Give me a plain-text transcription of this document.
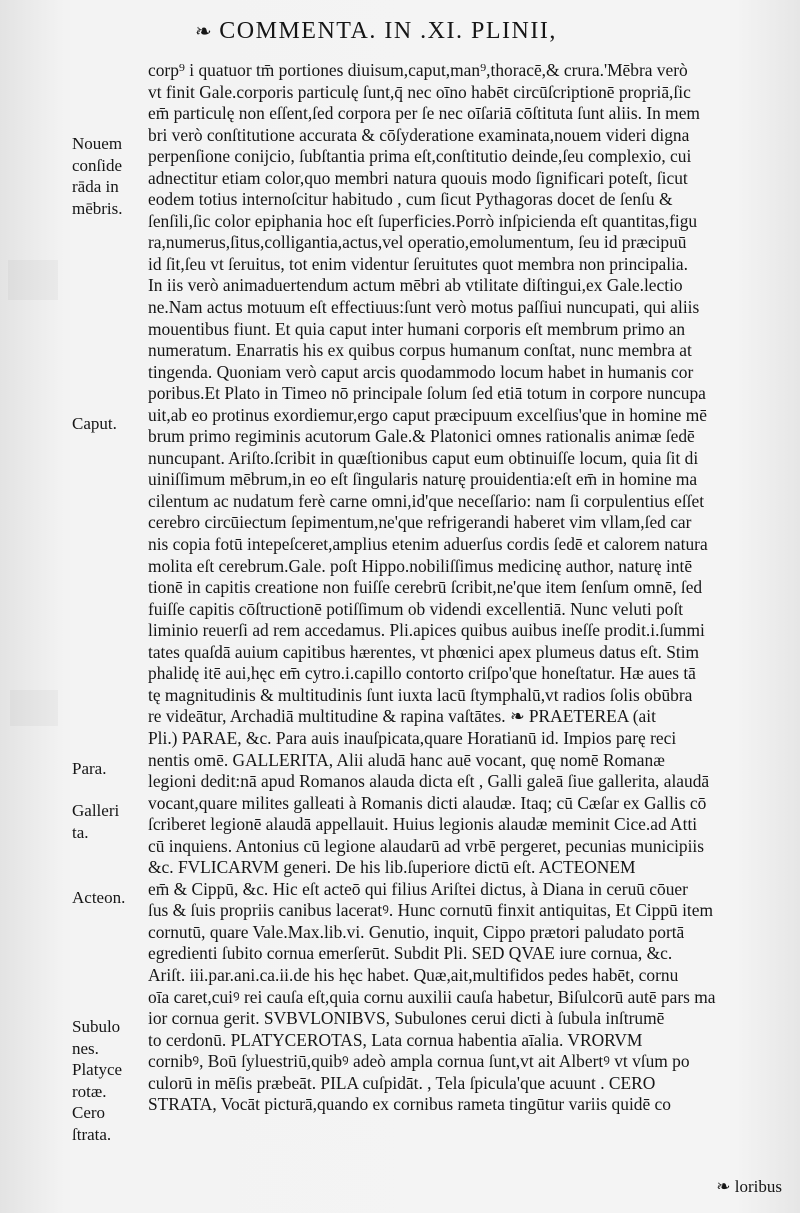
❧ COMMENTA. IN .XI. PLINII,
corp⁹ i quatuor tm̄ portiones diuisum,caput,man⁹,thoracē,& crura.'Mēbra verò
vt finit Gale.corporis particulę ſunt,q̄ nec oīno habēt circūſcriptionē propriā,ſic
em̄ particulę non eſſent,ſed corpora per ſe nec oīſariā cōſtituta ſunt aliis. In mem
bri verò conſtitutione accurata & cōſyderatione examinata,nouem videri digna
perpenſione conijcio, ſubſtantia prima eſt,conſtitutio deinde,ſeu complexio, cui
adnectitur etiam color,quo membri natura quouis modo ſignificari poteſt, ſicut
eodem totius internoſcitur habitudo , cum ſicut Pythagoras docet de ſenſu &
ſenſili,ſic color epiphania hoc eſt ſuperficies.Porrò inſpicienda eſt quantitas,figu
ra,numerus,ſitus,colligantia,actus,vel operatio,emolumentum, ſeu id præcipuū
id ſit,ſeu vt ſeruitus, tot enim videntur ſeruitutes quot membra non principalia.
In iis verò animaduertendum actum mēbri ab vtilitate diſtingui,ex Gale.lectio
ne.Nam actus motuum eſt effectiuus:ſunt verò motus paſſiui nuncupati, qui aliis
mouentibus fiunt. Et quia caput inter humani corporis eſt membrum primo an
numeratum. Enarratis his ex quibus corpus humanum conſtat, nunc membra at
tingenda. Quoniam verò caput arcis quodammodo locum habet in humanis cor
poribus.Et Plato in Timeo nō principale ſolum ſed etiā totum in corpore nuncupa
uit,ab eo protinus exordiemur,ergo caput præcipuum excelſius'que in homine mē
brum primo regiminis acutorum Gale.& Platonici omnes rationalis animæ ſedē
nuncupant. Ariſto.ſcribit in quæſtionibus caput eum obtinuiſſe locum, quia ſit di
uiniſſimum mēbrum,in eo eſt ſingularis naturę prouidentia:eſt em̄ in homine ma
cilentum ac nudatum ferè carne omni,id'que neceſſario: nam ſi corpulentius eſſet
cerebro circūiectum ſepimentum,ne'que refrigerandi haberet vim vllam,ſed car
nis copia fotū intepeſceret,amplius etenim aduerſus cordis ſedē et calorem natura
molita eſt cerebrum.Gale. poſt Hippo.nobiliſſimus medicinę author, naturę intē
tionē in capitis creatione non fuiſſe cerebrū ſcribit,ne'que item ſenſum omnē, ſed
fuiſſe capitis cōſtructionē potiſſimum ob videndi excellentiā. Nunc veluti poſt
liminio reuerſi ad rem accedamus. Pli.apices quibus auibus ineſſe prodit.i.ſummi
tates quaſdā auium capitibus hærentes, vt phœnici apex plumeus datus eſt. Stim
phalidę itē aui,hęc em̄ cytro.i.capillo contorto criſpo'que honeſtatur. Hæ aues tā
tę magnitudinis & multitudinis ſunt iuxta lacū ſtymphalū,vt radios ſolis obūbra
re videātur, Archadiā multitudine & rapina vaſtātes. ❧ PRAETEREA (ait
Pli.) PARAE, &c. Para auis inauſpicata,quare Horatianū id. Impios parę reci
nentis omē. GALLERITA, Alii aludā hanc auē vocant, quę nomē Romanæ
legioni dedit:nā apud Romanos alauda dicta eſt , Galli galeā ſiue gallerita, alaudā
vocant,quare milites galleati à Romanis dicti alaudæ. Itaq; cū Cæſar ex Gallis cō
ſcriberet legionē alaudā appellauit. Huius legionis alaudæ meminit Cice.ad Atti
cū inquiens. Antonius cū legione alaudarū ad vrbē pergeret, pecunias municipiis
&c. FVLICARVM generi. De his lib.ſuperiore dictū eſt. ACTEONEM
em̄ & Cippū, &c. Hic eſt acteō qui filius Ariſtei dictus, à Diana in ceruū cōuer
ſus & ſuis propriis canibus laceratꝰ. Hunc cornutū finxit antiquitas, Et Cippū item
cornutū, quare Vale.Max.lib.vi. Genutio, inquit, Cippo prætori paludato portā
egredienti ſubito cornua emerſerūt. Subdit Pli. SED QVAE iure cornua, &c.
Ariſt. iii.par.ani.ca.ii.de his hęc habet. Quæ,ait,multifidos pedes habēt, cornu
oīa caret,cuiꝰ rei cauſa eſt,quia cornu auxilii cauſa habetur, Biſulcorū autē pars ma
ior cornua gerit. SVBVLONIBVS, Subulones cerui dicti à ſubula inſtrumē
to cerdonū. PLATYCEROTAS, Lata cornua habentia aīalia. VRORVM
cornibꝰ, Boū ſyluestriū,quibꝰ adeò ampla cornua ſunt,vt ait Albertꝰ vt vſum po
culorū in mēſis præbeāt. PILA cuſpidāt. , Tela ſpicula'que acuunt . CERO
STRATA, Vocāt picturā,quando ex cornibus rameta tingūtur variis quidē co
Nouem conſide rāda in mēbris.
Caput.
Para.
Galleri ta.
Acteon.
Subulo nes.
Platyce rotæ.
Cero ſtrata.
❧ loribus
